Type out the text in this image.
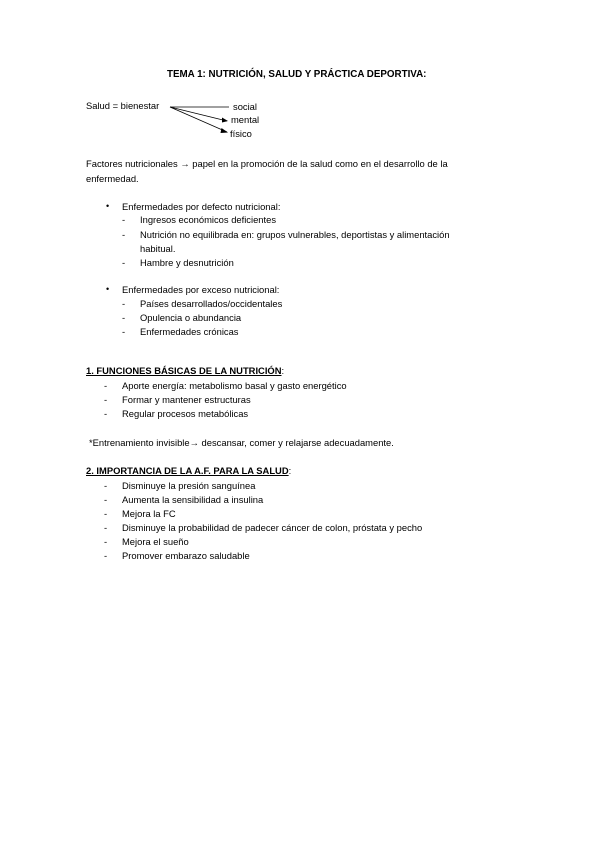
TEMA 1: NUTRICIÓN, SALUD Y PRÁCTICA DEPORTIVA:
Salud = bienestar	social
mental
físico
Factores nutricionales → papel en la promoción de la salud como en el desarrollo de la
enfermedad.
• Enfermedades por defecto nutricional:
- Ingresos económicos deficientes
- Nutrición no equilibrada en: grupos vulnerables, deportistas y alimentación
habitual.
- Hambre y desnutrición
• Enfermedades por exceso nutricional:
- Países desarrollados/occidentales
- Opulencia o abundancia
- Enfermedades crónicas
1. FUNCIONES BÁSICAS DE LA NUTRICIÓN:
- Aporte energía: metabolismo basal y gasto energético
- Formar y mantener estructuras
- Regular procesos metabólicas
*Entrenamiento invisible→ descansar, comer y relajarse adecuadamente.
2. IMPORTANCIA DE LA A.F. PARA LA SALUD:
- Disminuye la presión sanguínea
- Aumenta la sensibilidad a insulina
- Mejora la FC
- Disminuye la probabilidad de padecer cáncer de colon, próstata y pecho
- Mejora el sueño
- Promover embarazo saludable
